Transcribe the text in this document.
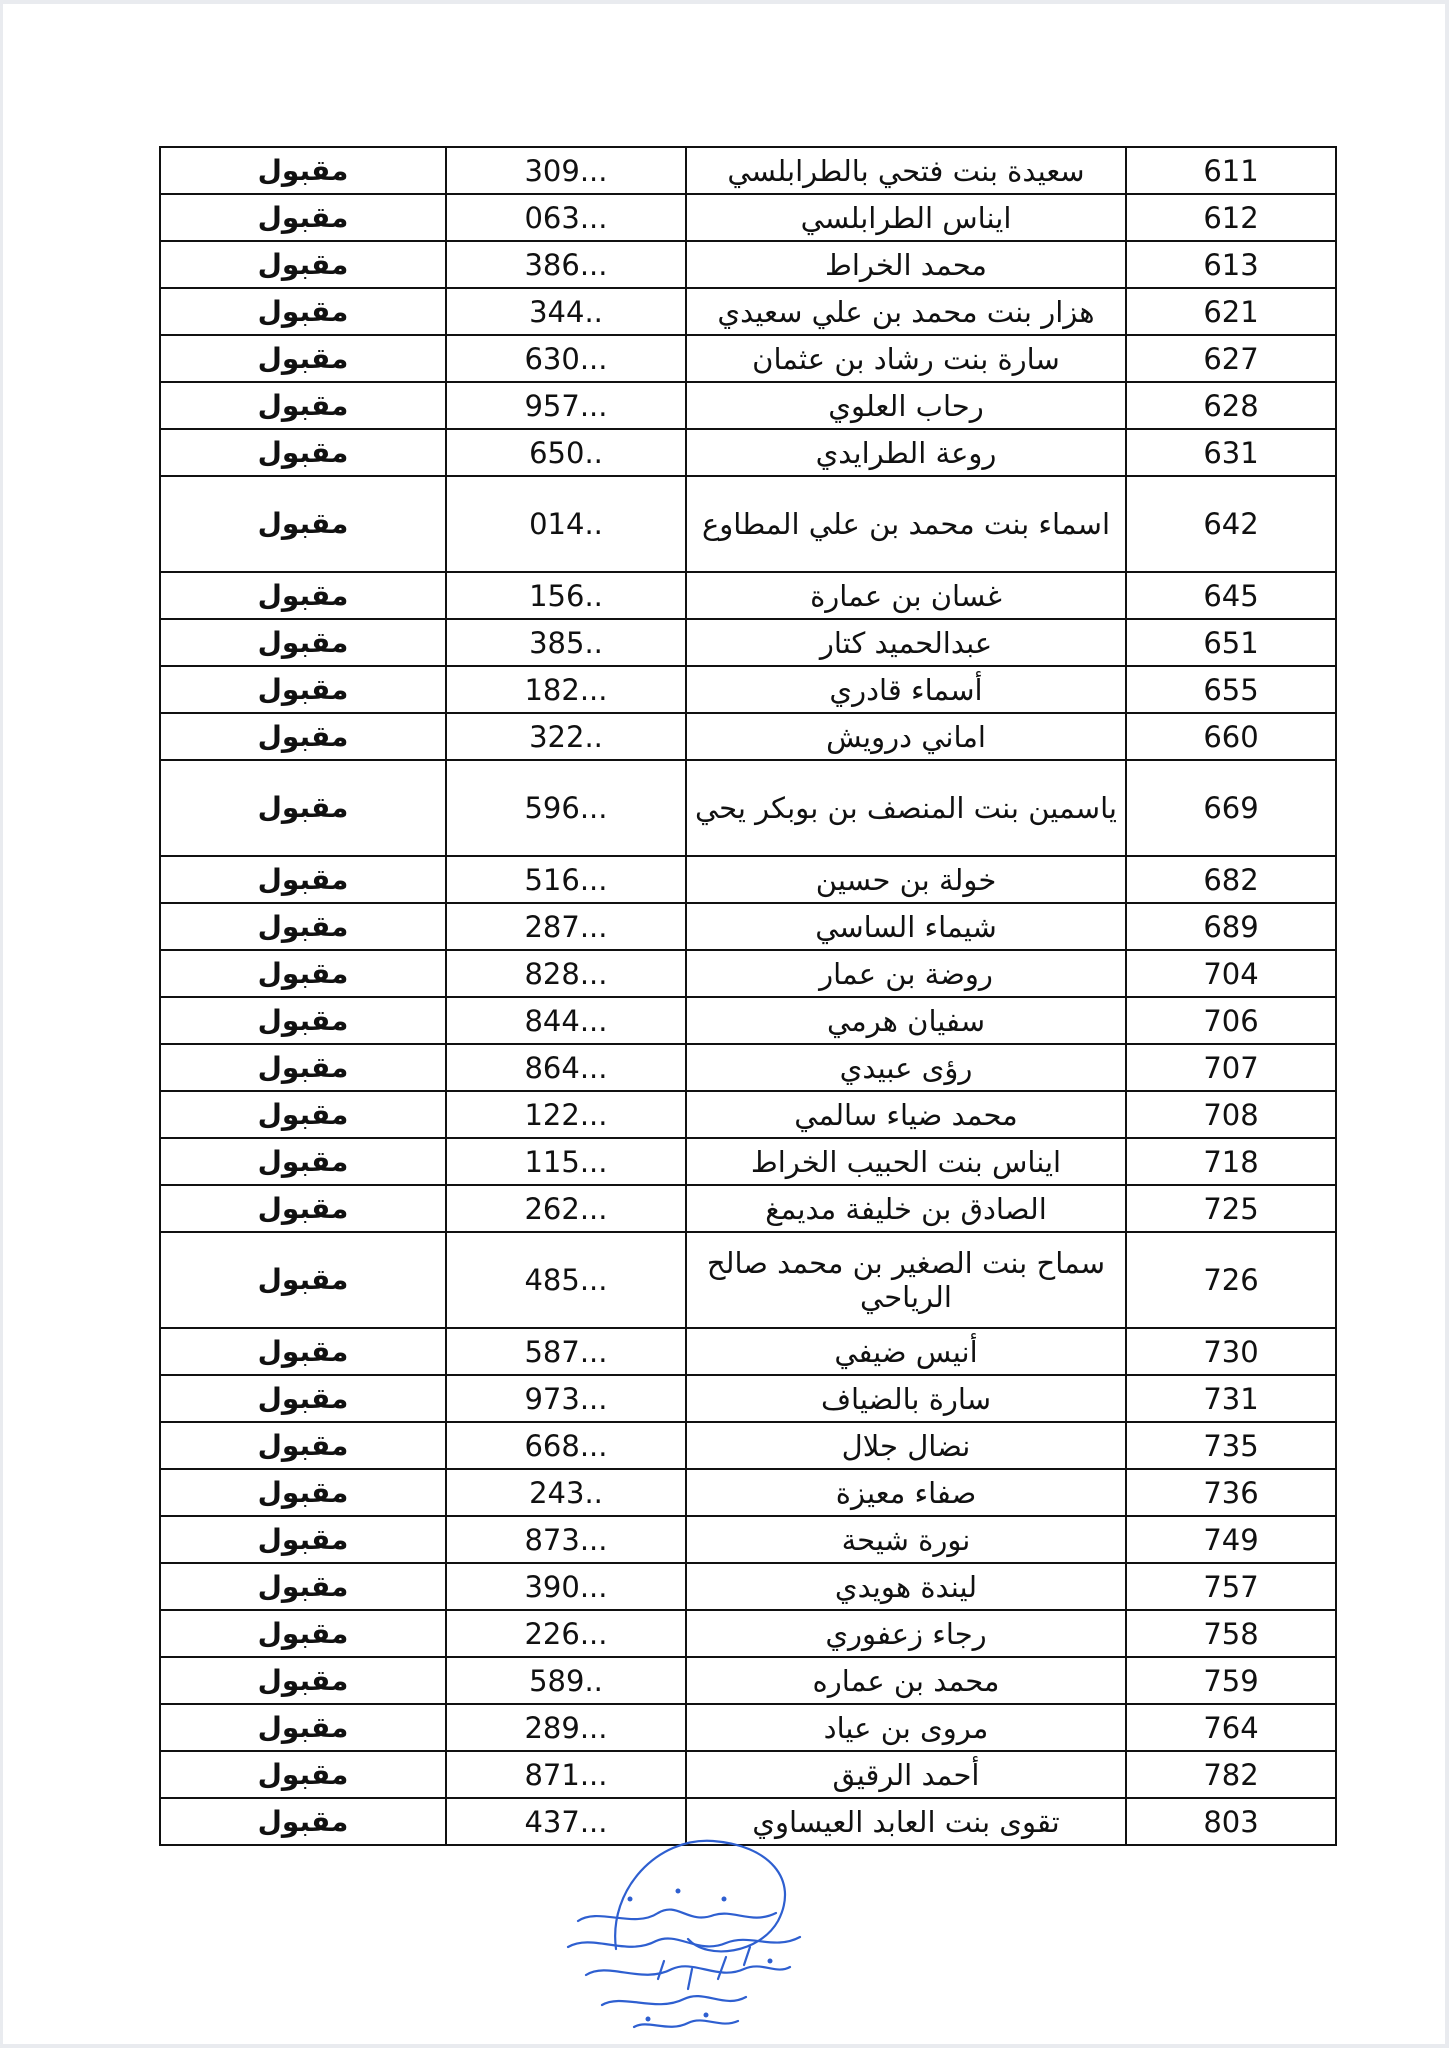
611	سعيدة بنت فتحي بالطرابلسي	309...	مقبول
612	ايناس الطرابلسي	063...	مقبول
613	محمد الخراط	386...	مقبول
621	هزار بنت محمد بن علي سعيدي	344..	مقبول
627	سارة بنت رشاد بن عثمان	630...	مقبول
628	رحاب العلوي	957...	مقبول
631	روعة الطرايدي	650..	مقبول
642	اسماء بنت محمد بن علي المطاوع	014..	مقبول
645	غسان بن عمارة	156..	مقبول
651	عبدالحميد كتار	385..	مقبول
655	أسماء قادري	182...	مقبول
660	اماني درويش	322..	مقبول
669	ياسمين بنت المنصف بن بوبكر يحي	596...	مقبول
682	خولة بن حسين	516...	مقبول
689	شيماء الساسي	287...	مقبول
704	روضة بن عمار	828...	مقبول
706	سفيان هرمي	844...	مقبول
707	رؤى عبيدي	864...	مقبول
708	محمد ضياء سالمي	122...	مقبول
718	ايناس بنت الحبيب الخراط	115...	مقبول
725	الصادق بن خليفة مديمغ	262...	مقبول
726	سماح بنت الصغير بن محمد صالح الرياحي	485...	مقبول
730	أنيس ضيفي	587...	مقبول
731	سارة بالضياف	973...	مقبول
735	نضال جلال	668...	مقبول
736	صفاء معيزة	243..	مقبول
749	نورة شيحة	873...	مقبول
757	ليندة هويدي	390...	مقبول
758	رجاء زعفوري	226...	مقبول
759	محمد بن عماره	589..	مقبول
764	مروى بن عياد	289...	مقبول
782	أحمد الرقيق	871...	مقبول
803	تقوى بنت العابد العيساوي	437...	مقبول
